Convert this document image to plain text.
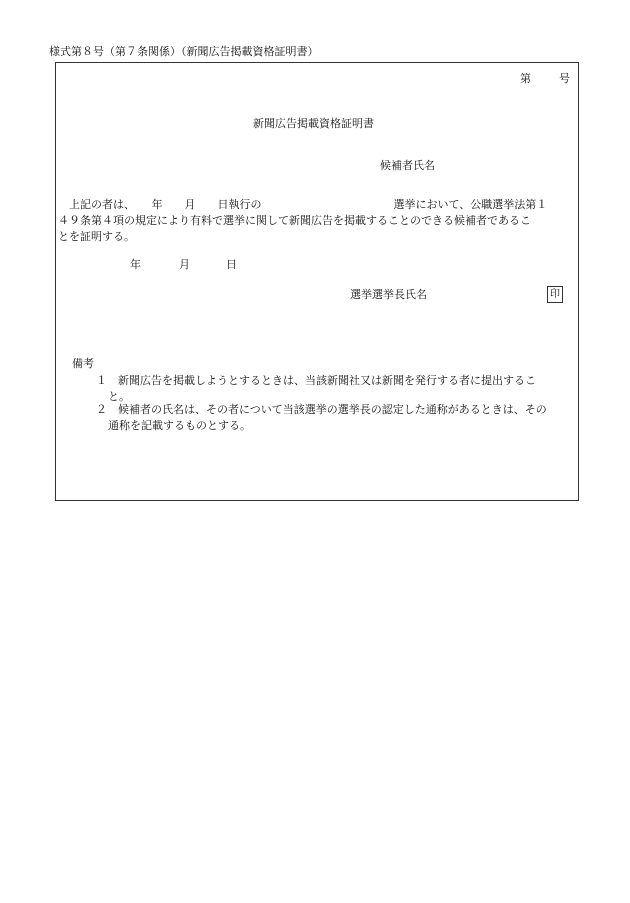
様式第８号（第７条関係）（新聞広告掲載資格証明書）
第	号
新聞広告掲載資格証明書
候補者氏名
　上記の者は、　　年　　月　　日執行の　　　　　　　　　　　　選挙において、公職選挙法第１
４９条第４項の規定により有料で選挙に関して新聞広告を掲載することのできる候補者であるこ
とを証明する。
年	月	日
選挙選挙長氏名	印
備考
１	新聞広告を掲載しようとするときは、当該新聞社又は新聞を発行する者に提出するこ
と。
２	候補者の氏名は、その者について当該選挙の選挙長の認定した通称があるときは、その
通称を記載するものとする。
